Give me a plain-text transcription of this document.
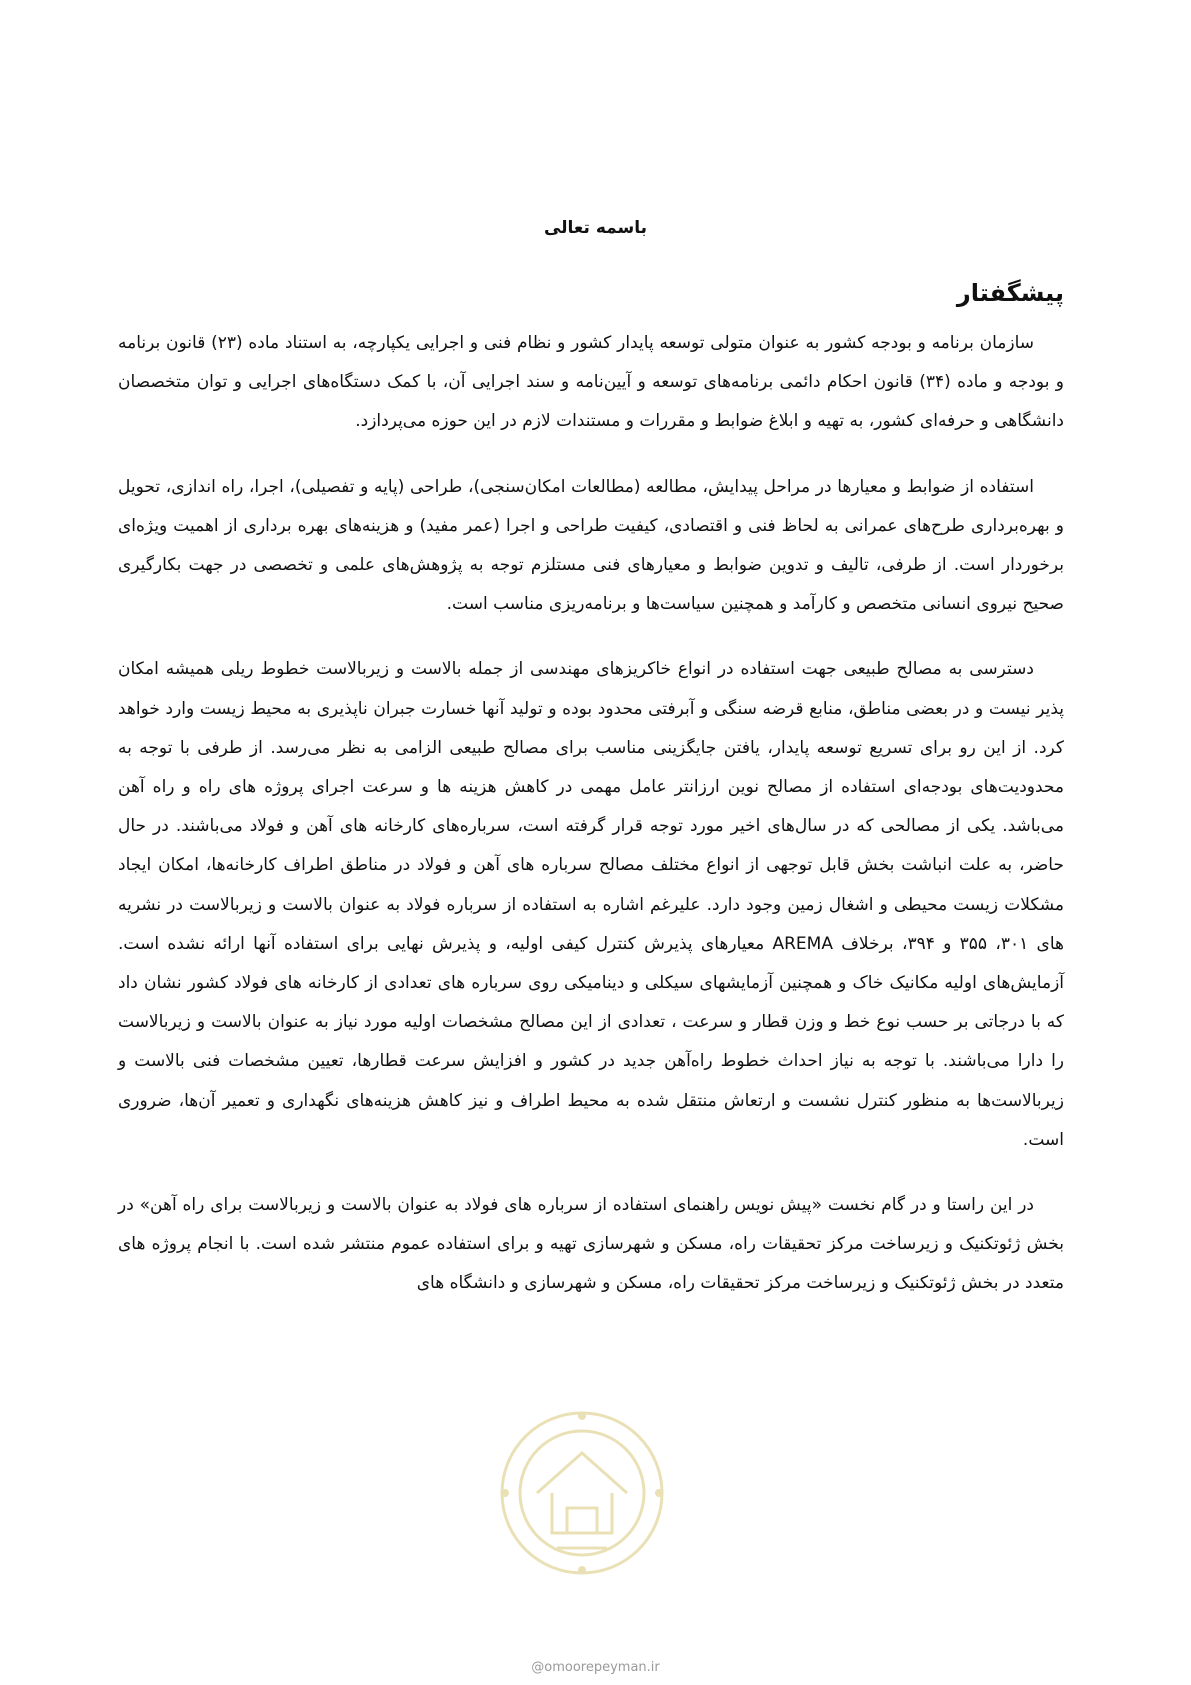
باسمه تعالی
پیشگفتار

سازمان برنامه و بودجه کشور به عنوان متولی توسعه پایدار کشور و نظام فنی و اجرایی یکپارچه، به استناد ماده (۲۳) قانون برنامه و بودجه و ماده (۳۴) قانون احکام دائمی برنامه‌های توسعه و آیین‌نامه و سند اجرایی آن، با کمک دستگاه‌های اجرایی و توان متخصصان دانشگاهی و حرفه‌ای کشور، به تهیه و ابلاغ ضوابط و مقررات و مستندات لازم در این حوزه می‌پردازد.

استفاده از ضوابط و معیارها در مراحل پیدایش، مطالعه (مطالعات امکان‌سنجی)، طراحی (پایه و تفصیلی)، اجرا، راه اندازی، تحویل و بهره‌برداری طرح‌های عمرانی به لحاظ فنی و اقتصادی، کیفیت طراحی و اجرا (عمر مفید) و هزینه‌های بهره برداری از اهمیت ویژه‌ای برخوردار است. از طرفی، تالیف و تدوین ضوابط و معیارهای فنی مستلزم توجه به پژوهش‌های علمی و تخصصی در جهت بکارگیری صحیح نیروی انسانی متخصص و کارآمد و همچنین سیاست‌ها و برنامه‌ریزی مناسب است.

دسترسی به مصالح طبیعی جهت استفاده در انواع خاکریزهای مهندسی از جمله بالاست و زیربالاست خطوط ریلی همیشه امکان پذیر نیست و در بعضی مناطق، منابع قرضه سنگی و آبرفتی محدود بوده و تولید آنها خسارت جبران ناپذیری به محیط زیست وارد خواهد کرد. از این رو برای تسریع توسعه پایدار، یافتن جایگزینی مناسب برای مصالح طبیعی الزامی به نظر می‌رسد. از طرفی با توجه به محدودیت‌های بودجه‌ای استفاده از مصالح نوین ارزانتر عامل مهمی در کاهش هزینه ها و سرعت اجرای پروژه های راه و راه آهن می‌باشد. یکی از مصالحی که در سال‌های اخیر مورد توجه قرار گرفته است، سرباره‌های کارخانه های آهن و فولاد می‌باشند. در حال حاضر، به علت انباشت بخش قابل توجهی از انواع مختلف مصالح سرباره های آهن و فولاد در مناطق اطراف کارخانه‌ها، امکان ایجاد مشکلات زیست محیطی و اشغال زمین وجود دارد. علیرغم اشاره به استفاده از سرباره فولاد به عنوان بالاست و زیربالاست در نشریه های ۳۰۱، ۳۵۵ و ۳۹۴، برخلاف AREMA معیارهای پذیرش کنترل کیفی اولیه، و پذیرش نهایی برای استفاده آنها ارائه نشده است. آزمایش‌های اولیه مکانیک خاک و همچنین آزمایشهای سیکلی و دینامیکی روی سرباره های تعدادی از کارخانه های فولاد کشور نشان داد که با درجاتی بر حسب نوع خط و وزن قطار و سرعت ، تعدادی از این مصالح مشخصات اولیه مورد نیاز به عنوان بالاست و زیربالاست را دارا می‌باشند. با توجه به نیاز احداث خطوط راه‌آهن جدید در کشور و افزایش سرعت قطارها، تعیین مشخصات فنی بالاست و زیربالاست‌ها به منظور کنترل نشست و ارتعاش منتقل شده به محیط اطراف و نیز کاهش هزینه‌های نگهداری و تعمیر آن‌ها، ضروری است.

در این راستا و در گام نخست «پیش نویس راهنمای استفاده از سرباره های فولاد به عنوان بالاست و زیربالاست برای راه آهن» در بخش ژئوتکنیک و زیرساخت مرکز تحقیقات راه، مسکن و شهرسازی تهیه و برای استفاده عموم منتشر شده است. با انجام پروژه های متعدد در بخش ژئوتکنیک و زیرساخت مرکز تحقیقات راه، مسکن و شهرسازی و دانشگاه های

@omoorepeyman.ir
